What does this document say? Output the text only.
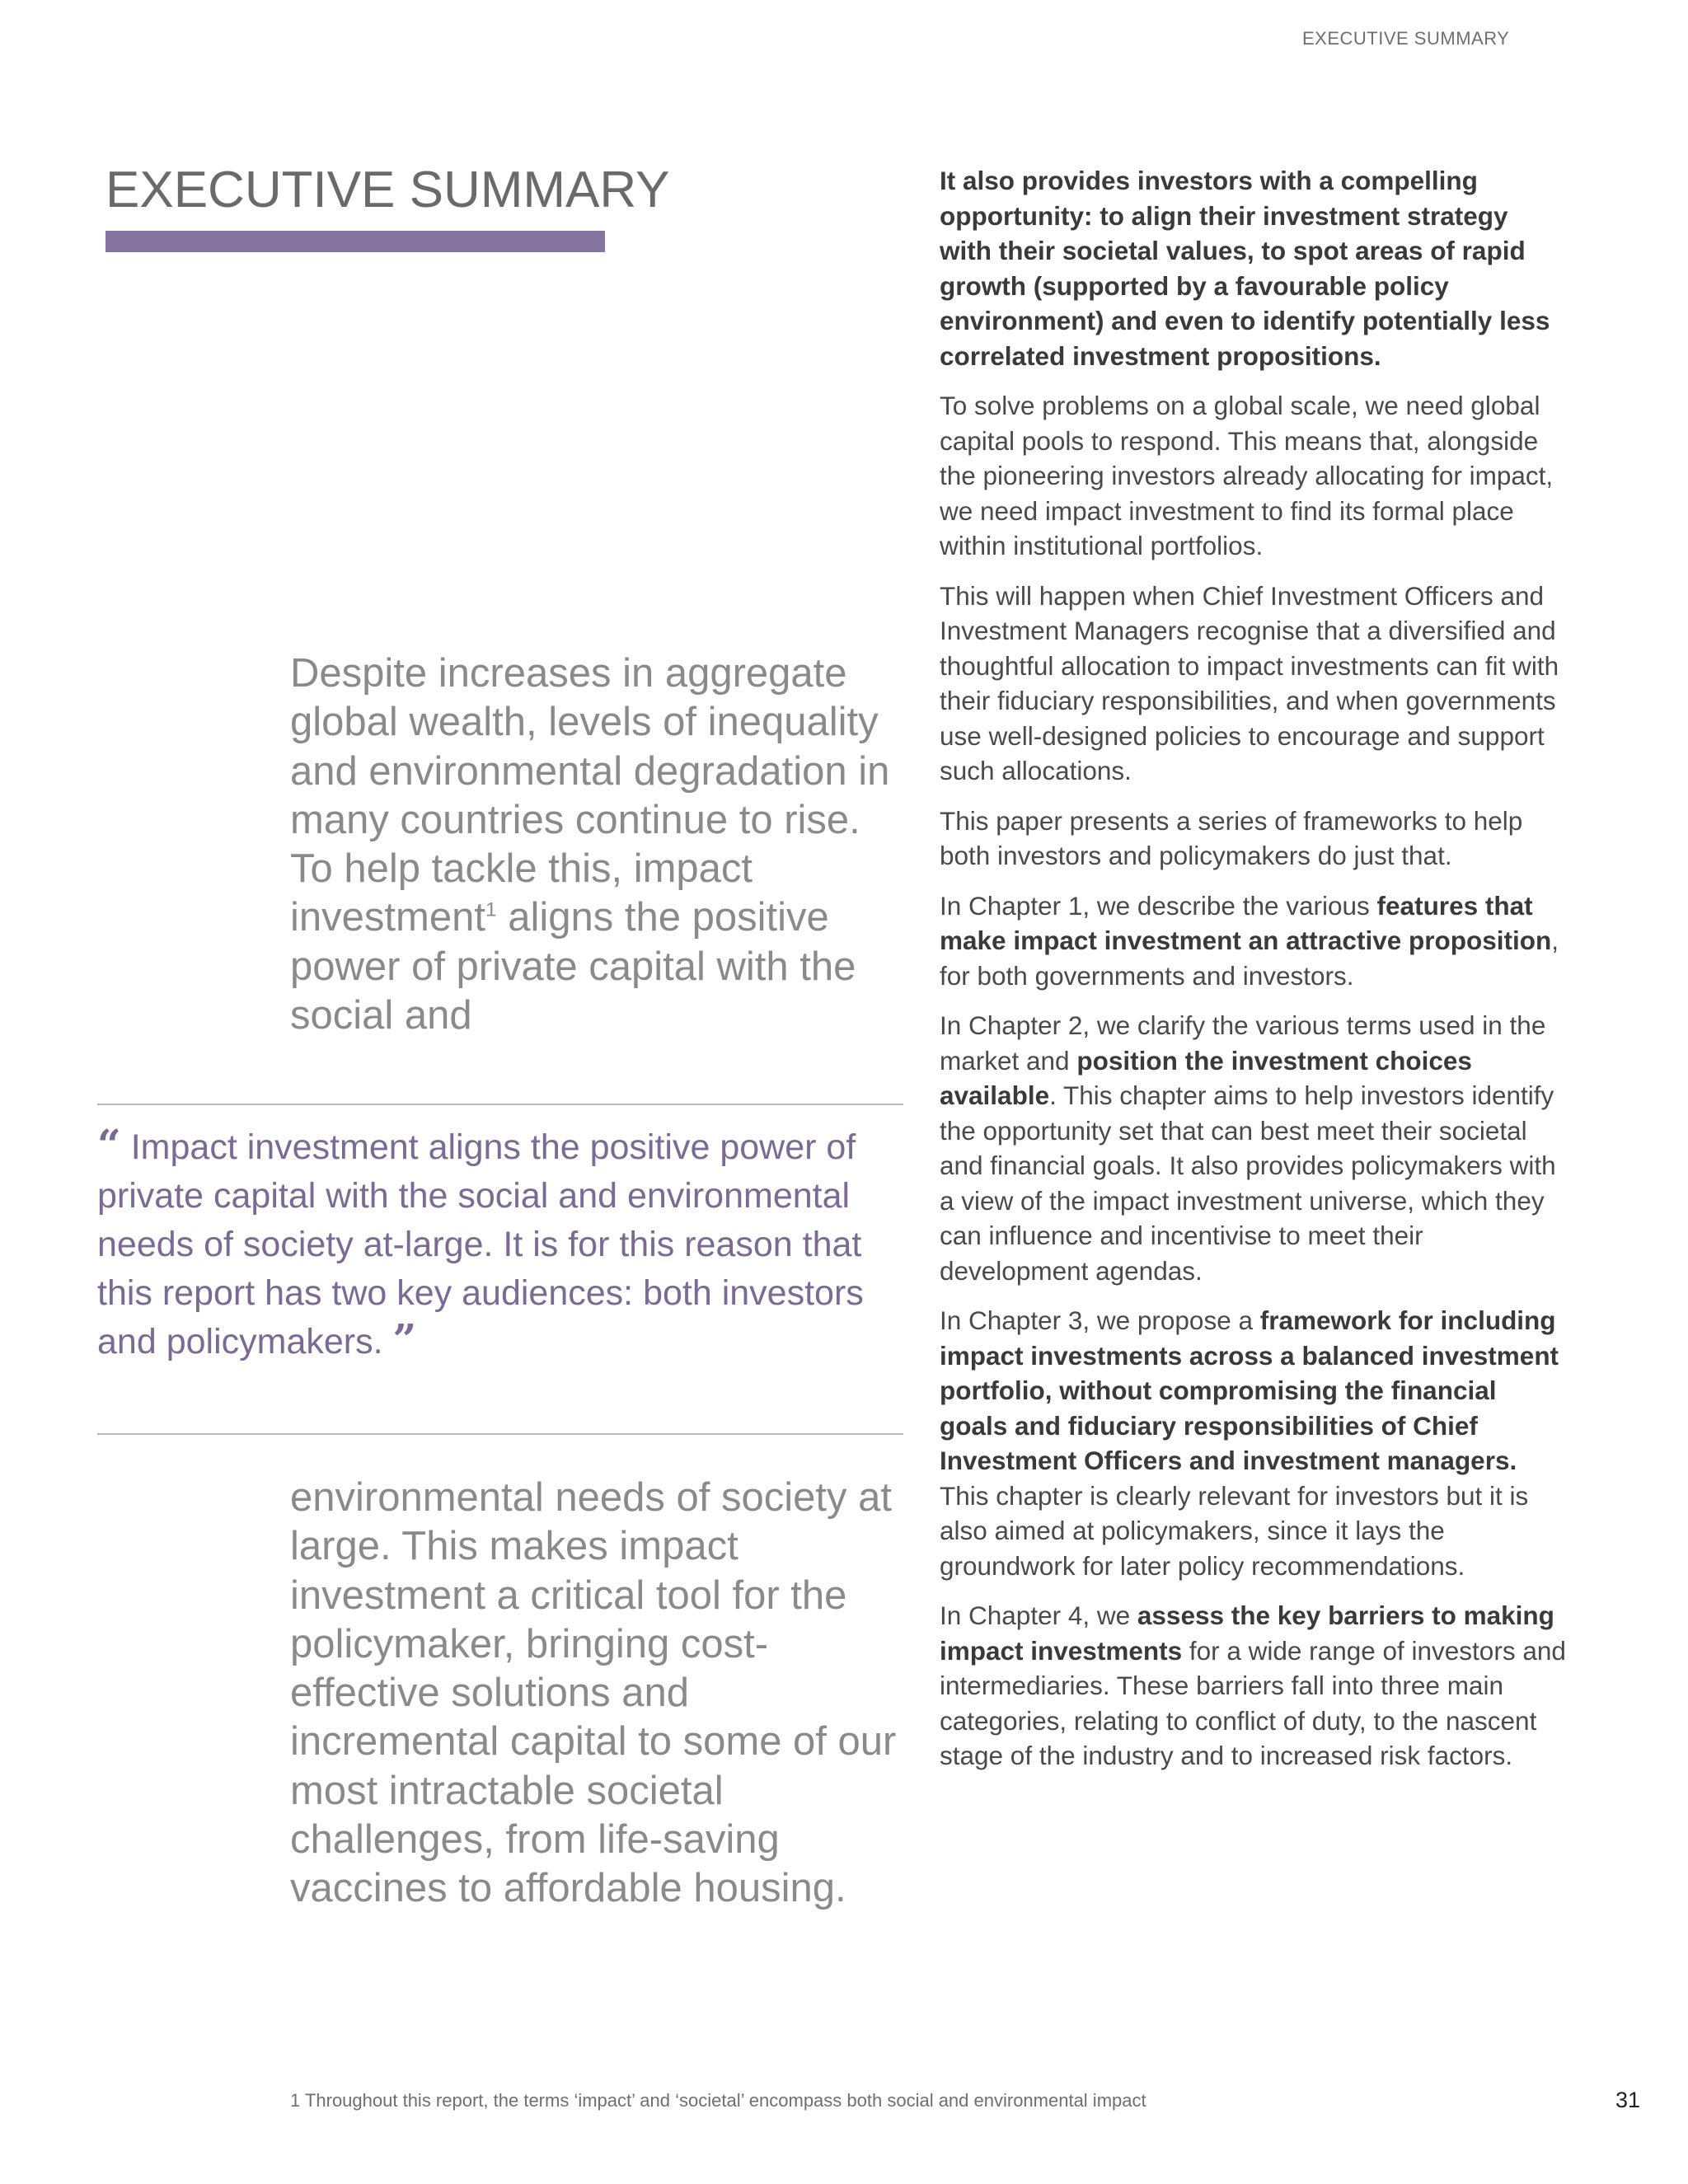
EXECUTIVE SUMMARY
EXECUTIVE SUMMARY

Despite increases in aggregate global wealth, levels of inequality and environmental degradation in many countries continue to rise. To help tackle this, impact investment$^1$ aligns the positive power of private capital with the social and

“ Impact investment aligns the positive power of private capital with the social and environmental needs of society at-large. It is for this reason that this report has two key audiences: both investors and policymakers. ”

environmental needs of society at large. This makes impact investment a critical tool for the policymaker, bringing cost-effective solutions and incremental capital to some of our most intractable societal challenges, from life-saving vaccines to affordable housing.

It also provides investors with a compelling opportunity: to align their investment strategy with their societal values, to spot areas of rapid growth (supported by a favourable policy environment) and even to identify potentially less correlated investment propositions.

To solve problems on a global scale, we need global capital pools to respond. This means that, alongside the pioneering investors already allocating for impact, we need impact investment to find its formal place within institutional portfolios.

This will happen when Chief Investment Officers and Investment Managers recognise that a diversified and thoughtful allocation to impact investments can fit with their fiduciary responsibilities, and when governments use well-designed policies to encourage and support such allocations.

This paper presents a series of frameworks to help both investors and policymakers do just that.

In Chapter 1, we describe the various features that make impact investment an attractive proposition, for both governments and investors.

In Chapter 2, we clarify the various terms used in the market and position the investment choices available. This chapter aims to help investors identify the opportunity set that can best meet their societal and financial goals. It also provides policymakers with a view of the impact investment universe, which they can influence and incentivise to meet their development agendas.

In Chapter 3, we propose a framework for including impact investments across a balanced investment portfolio, without compromising the financial goals and fiduciary responsibilities of Chief Investment Officers and investment managers. This chapter is clearly relevant for investors but it is also aimed at policymakers, since it lays the groundwork for later policy recommendations.

In Chapter 4, we assess the key barriers to making impact investments for a wide range of investors and intermediaries. These barriers fall into three main categories, relating to conflict of duty, to the nascent stage of the industry and to increased risk factors.

1 Throughout this report, the terms ‘impact’ and ‘societal’ encompass both social and environmental impact	31
